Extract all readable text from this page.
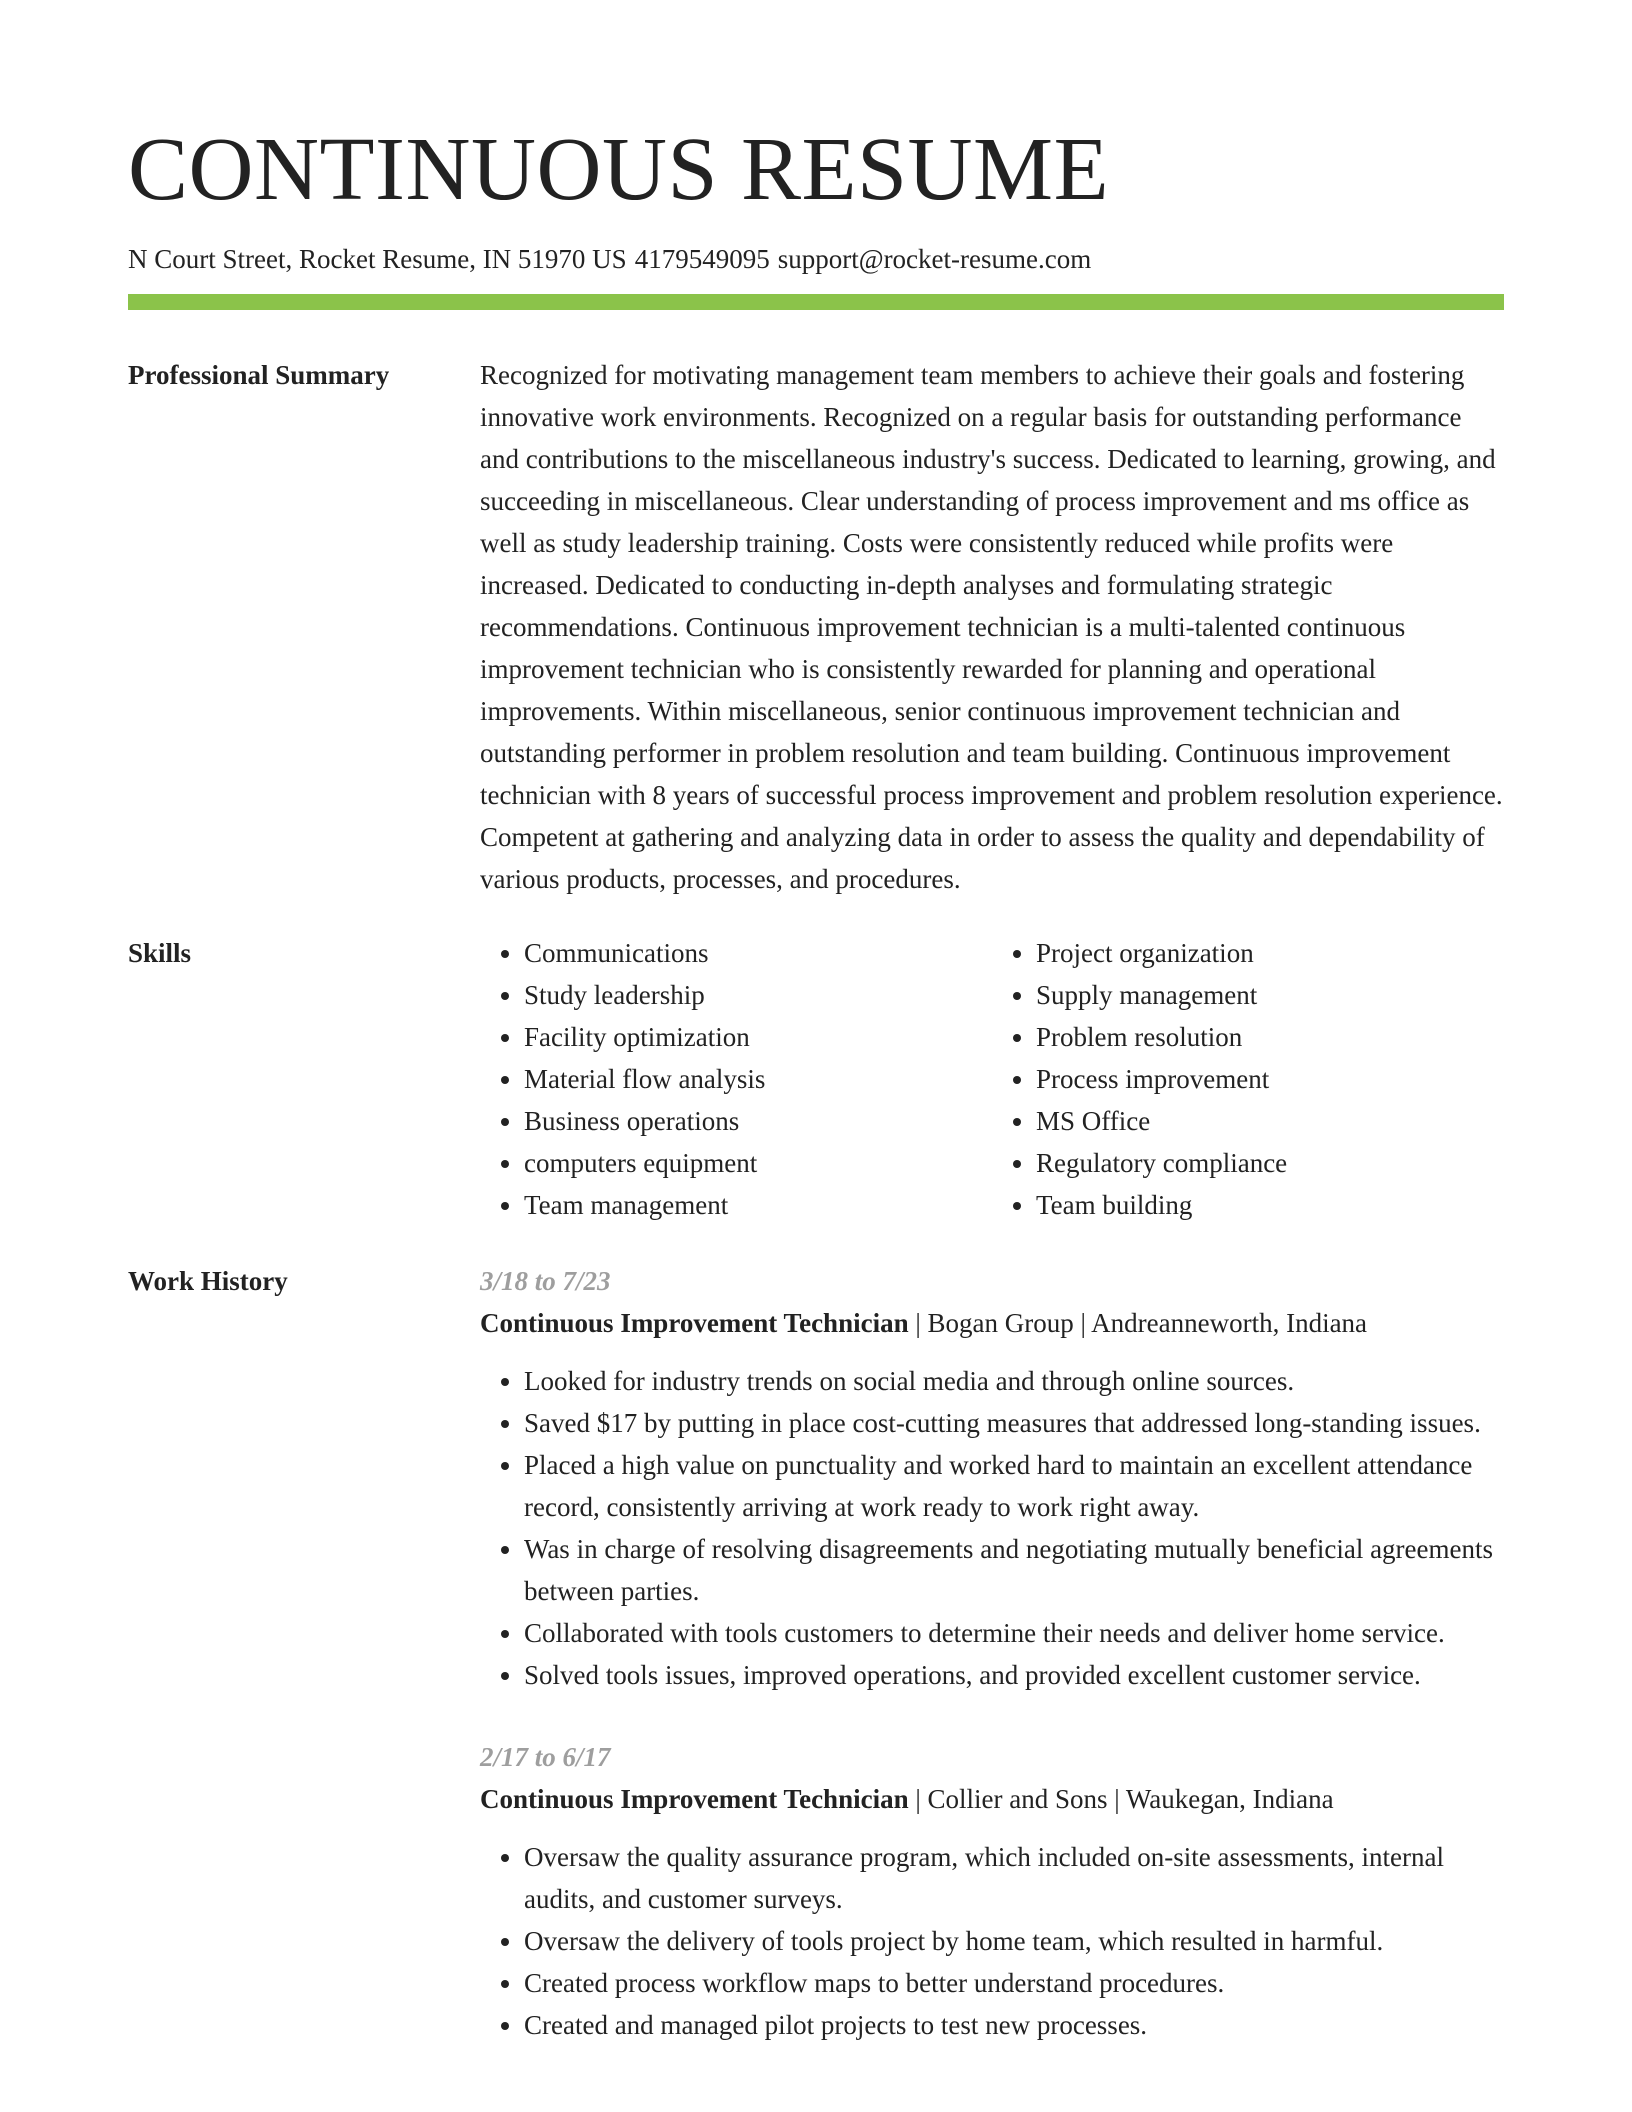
CONTINUOUS RESUME
N Court Street, Rocket Resume, IN 51970 US 4179549095 support@rocket-resume.com
Professional Summary	Recognized for motivating management team members to achieve their goals and fostering innovative work environments. Recognized on a regular basis for outstanding performance and contributions to the miscellaneous industry's success. Dedicated to learning, growing, and succeeding in miscellaneous. Clear understanding of process improvement and ms office as well as study leadership training. Costs were consistently reduced while profits were increased. Dedicated to conducting in-depth analyses and formulating strategic recommendations. Continuous improvement technician is a multi-talented continuous improvement technician who is consistently rewarded for planning and operational improvements. Within miscellaneous, senior continuous improvement technician and outstanding performer in problem resolution and team building. Continuous improvement technician with 8 years of successful process improvement and problem resolution experience. Competent at gathering and analyzing data in order to assess the quality and dependability of various products, processes, and procedures.

Skills
•	Communications
• Study leadership
• Facility optimization
• Material flow analysis
• Business operations
• computers equipment
• Team management
• Project organization
• Supply management
• Problem resolution
• Process improvement
• MS Office
• Regulatory compliance
• Team building
Work History	3/18 to 7/23
Continuous Improvement Technician | Bogan Group | Andreanneworth, Indiana
• Looked for industry trends on social media and through online sources.
• Saved $17 by putting in place cost-cutting measures that addressed long-standing issues.
• Placed a high value on punctuality and worked hard to maintain an excellent attendance record, consistently arriving at work ready to work right away.
• Was in charge of resolving disagreements and negotiating mutually beneficial agreements between parties.
• Collaborated with tools customers to determine their needs and deliver home service.
• Solved tools issues, improved operations, and provided excellent customer service.
2/17 to 6/17
Continuous Improvement Technician | Collier and Sons | Waukegan, Indiana
• Oversaw the quality assurance program, which included on-site assessments, internal audits, and customer surveys.
• Oversaw the delivery of tools project by home team, which resulted in harmful.
• Created process workflow maps to better understand procedures.
• Created and managed pilot projects to test new processes.
